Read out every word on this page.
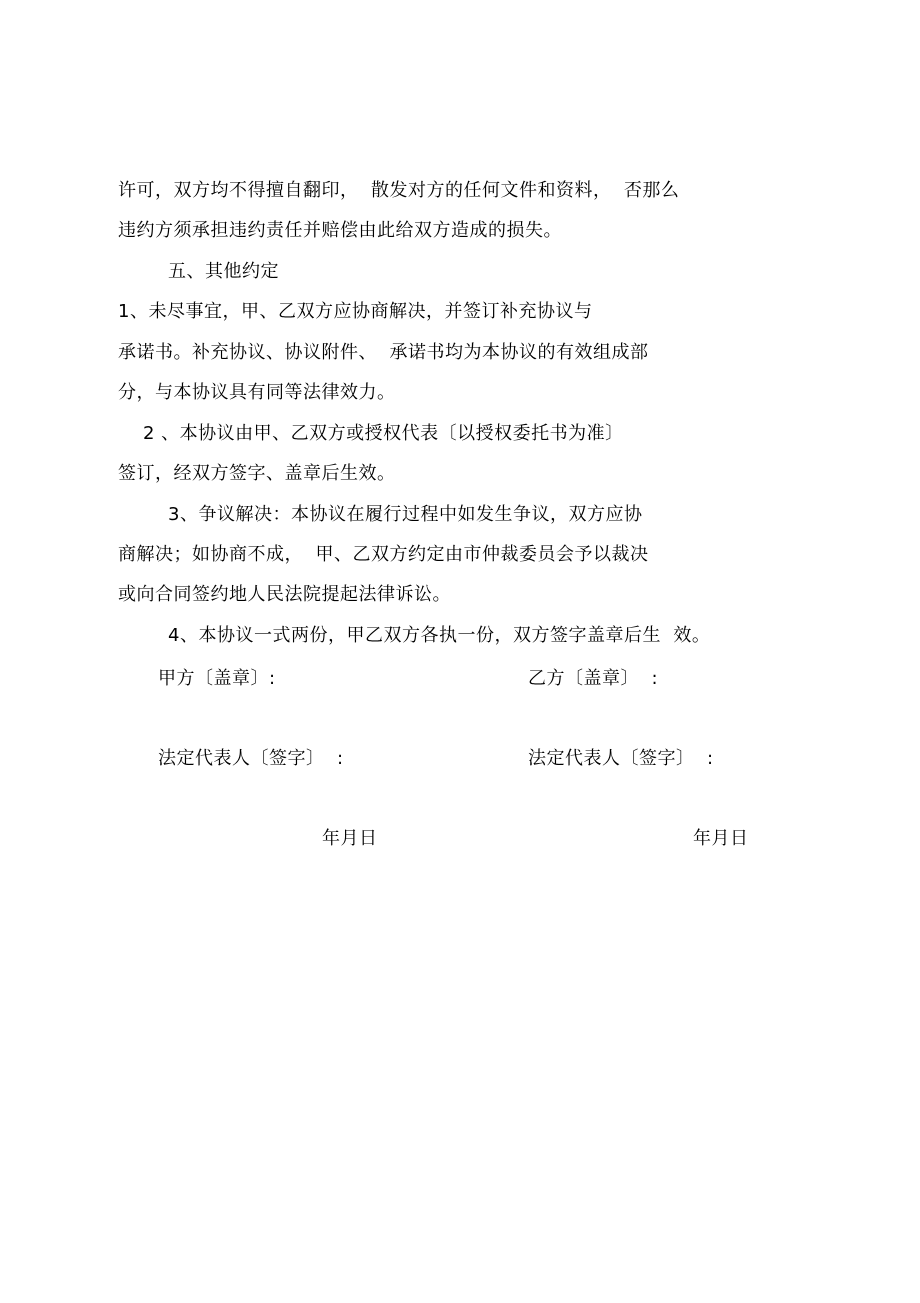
许可，双方均不得擅自翻印，  散发对方的任何文件和资料，  否那么
违约方须承担违约责任并赔偿由此给双方造成的损失。
五、其他约定
1、未尽事宜，甲、乙双方应协商解决，并签订补充协议与
承诺书。补充协议、协议附件、  承诺书均为本协议的有效组成部
分，与本协议具有同等法律效力。
2 、本协议由甲、乙双方或授权代表〔以授权委托书为准〕
签订，经双方签字、盖章后生效。
3、争议解决：本协议在履行过程中如发生争议，双方应协
商解决；如协商不成，  甲、乙双方约定由市仲裁委员会予以裁决
或向合同签约地人民法院提起法律诉讼。
4、本协议一式两份，甲乙双方各执一份，双方签字盖章后生  效。
甲方〔盖章〕:	乙方〔盖章〕  :
法定代表人〔签字〕  :	法定代表人〔签字〕  :
年月日	年月日
